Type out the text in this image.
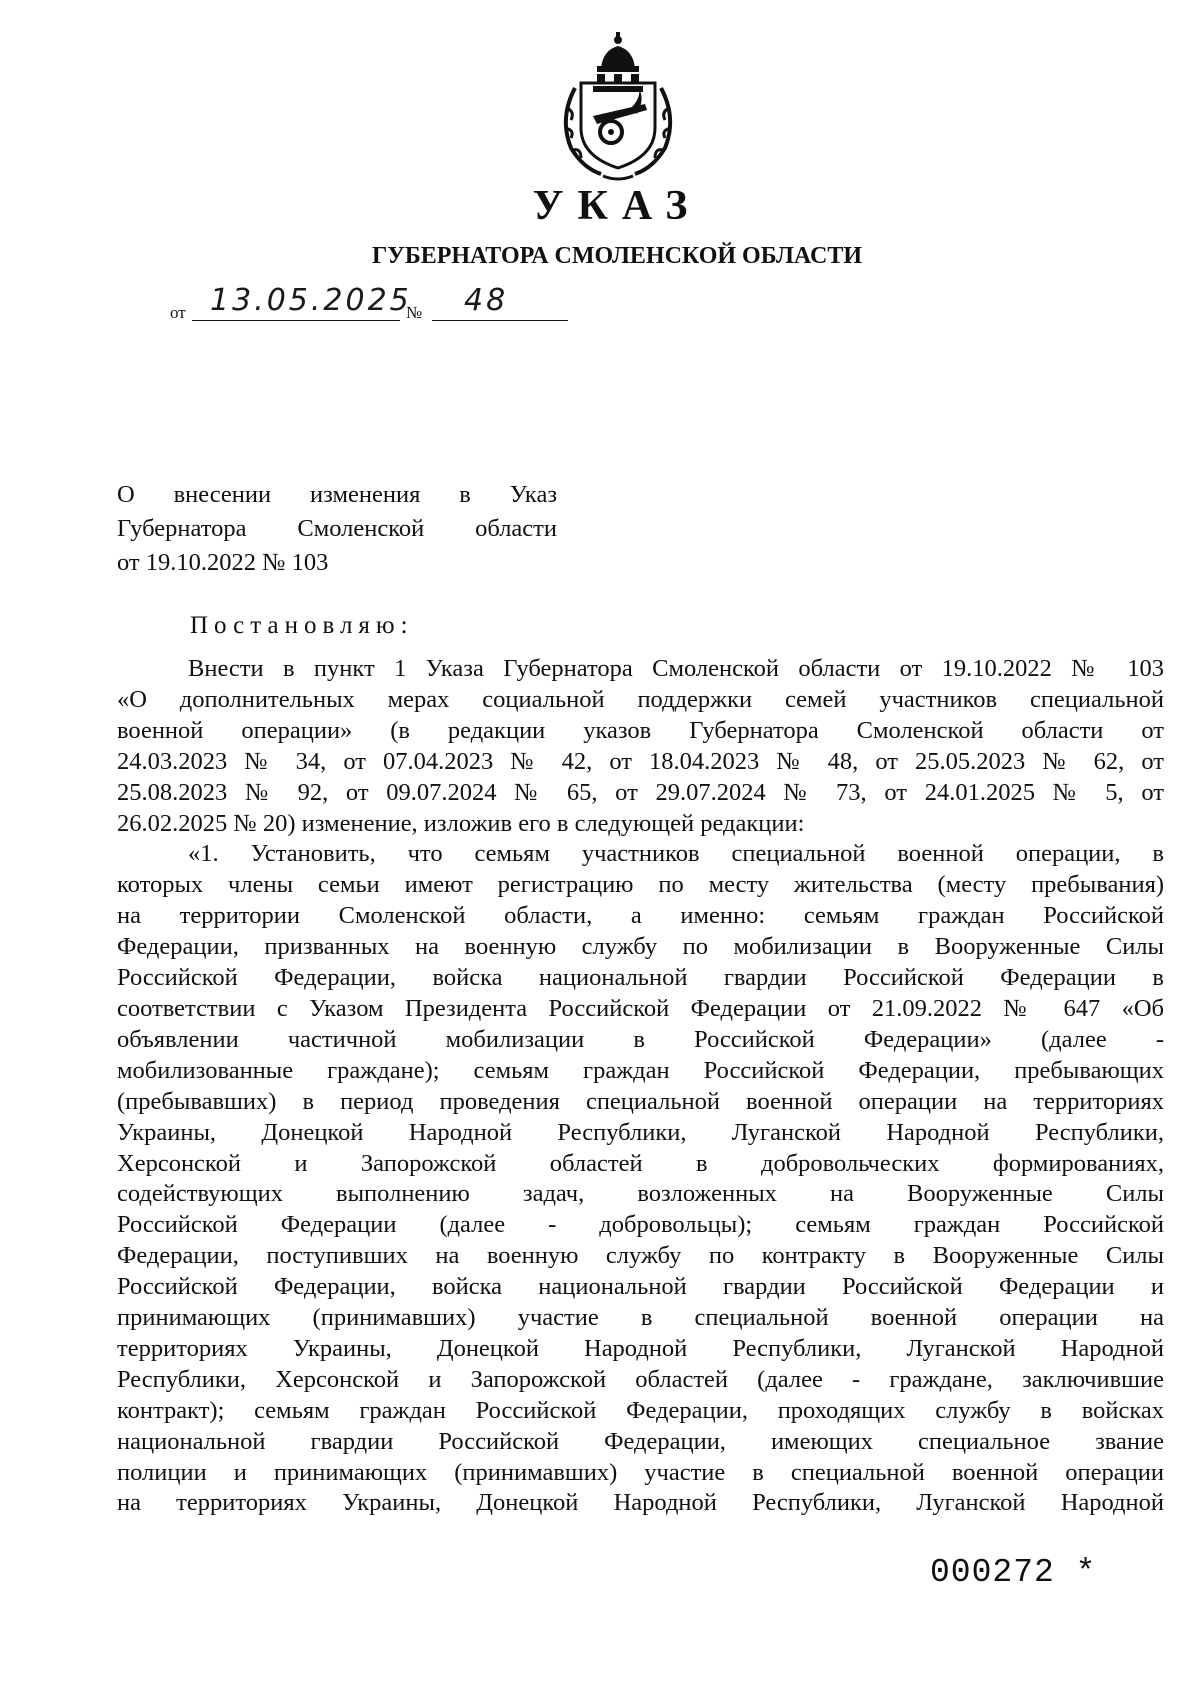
УКАЗ
ГУБЕРНАТОРА СМОЛЕНСКОЙ ОБЛАСТИ
от 13.05.2025
№ 48
О внесении изменения в Указ
Губернатора Смоленской области
от 19.10.2022 № 103
Постановляю:
Внести в пункт 1 Указа Губернатора Смоленской области от 19.10.2022 № 103
«О дополнительных мерах социальной поддержки семей участников специальной
военной операции» (в редакции указов Губернатора Смоленской области от
24.03.2023 № 34, от 07.04.2023 № 42, от 18.04.2023 № 48, от 25.05.2023 № 62, от
25.08.2023 № 92, от 09.07.2024 № 65, от 29.07.2024 № 73, от 24.01.2025 № 5, от
26.02.2025 № 20) изменение, изложив его в следующей редакции:
«1. Установить, что семьям участников специальной военной операции, в
которых члены семьи имеют регистрацию по месту жительства (месту пребывания)
на территории Смоленской области, а именно: семьям граждан Российской
Федерации, призванных на военную службу по мобилизации в Вооруженные Силы
Российской Федерации, войска национальной гвардии Российской Федерации в
соответствии с Указом Президента Российской Федерации от 21.09.2022 № 647 «Об
объявлении частичной мобилизации в Российской Федерации» (далее -
мобилизованные граждане); семьям граждан Российской Федерации, пребывающих
(пребывавших) в период проведения специальной военной операции на территориях
Украины, Донецкой Народной Республики, Луганской Народной Республики,
Херсонской и Запорожской областей в добровольческих формированиях,
содействующих выполнению задач, возложенных на Вооруженные Силы
Российской Федерации (далее - добровольцы); семьям граждан Российской
Федерации, поступивших на военную службу по контракту в Вооруженные Силы
Российской Федерации, войска национальной гвардии Российской Федерации и
принимающих (принимавших) участие в специальной военной операции на
территориях Украины, Донецкой Народной Республики, Луганской Народной
Республики, Херсонской и Запорожской областей (далее - граждане, заключившие
контракт); семьям граждан Российской Федерации, проходящих службу в войсках
национальной гвардии Российской Федерации, имеющих специальное звание
полиции и принимающих (принимавших) участие в специальной военной операции
на территориях Украины, Донецкой Народной Республики, Луганской Народной
000272 *
